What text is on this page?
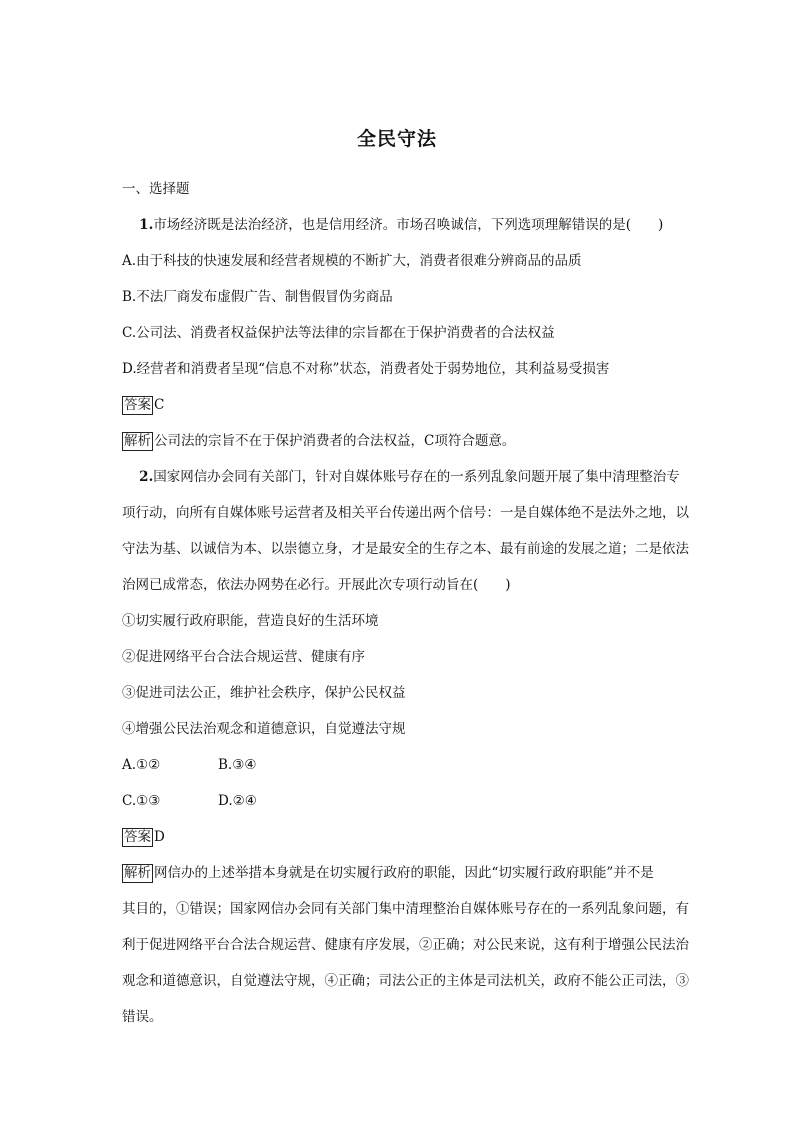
全民守法
一、选择题
1.市场经济既是法治经济，也是信用经济。市场召唤诚信，下列选项理解错误的是(　　)
A.由于科技的快速发展和经营者规模的不断扩大，消费者很难分辨商品的品质
B.不法厂商发布虚假广告、制售假冒伪劣商品
C.公司法、消费者权益保护法等法律的宗旨都在于保护消费者的合法权益
D.经营者和消费者呈现“信息不对称”状态，消费者处于弱势地位，其利益易受损害
答案 C
解析 公司法的宗旨不在于保护消费者的合法权益，C项符合题意。
2.国家网信办会同有关部门，针对自媒体账号存在的一系列乱象问题开展了集中清理整治专
项行动，向所有自媒体账号运营者及相关平台传递出两个信号：一是自媒体绝不是法外之地，以
守法为基、以诚信为本、以崇德立身，才是最安全的生存之本、最有前途的发展之道；二是依法
治网已成常态，依法办网势在必行。开展此次专项行动旨在(　　)
①切实履行政府职能，营造良好的生活环境
②促进网络平台合法合规运营、健康有序
③促进司法公正，维护社会秩序，保护公民权益
④增强公民法治观念和道德意识，自觉遵法守规
A.①②	B.③④
C.①③	D.②④
答案 D
解析 网信办的上述举措本身就是在切实履行政府的职能，因此“切实履行政府职能”并不是
其目的，①错误；国家网信办会同有关部门集中清理整治自媒体账号存在的一系列乱象问题，有
利于促进网络平台合法合规运营、健康有序发展，②正确；对公民来说，这有利于增强公民法治
观念和道德意识，自觉遵法守规，④正确；司法公正的主体是司法机关，政府不能公正司法，③
错误。
